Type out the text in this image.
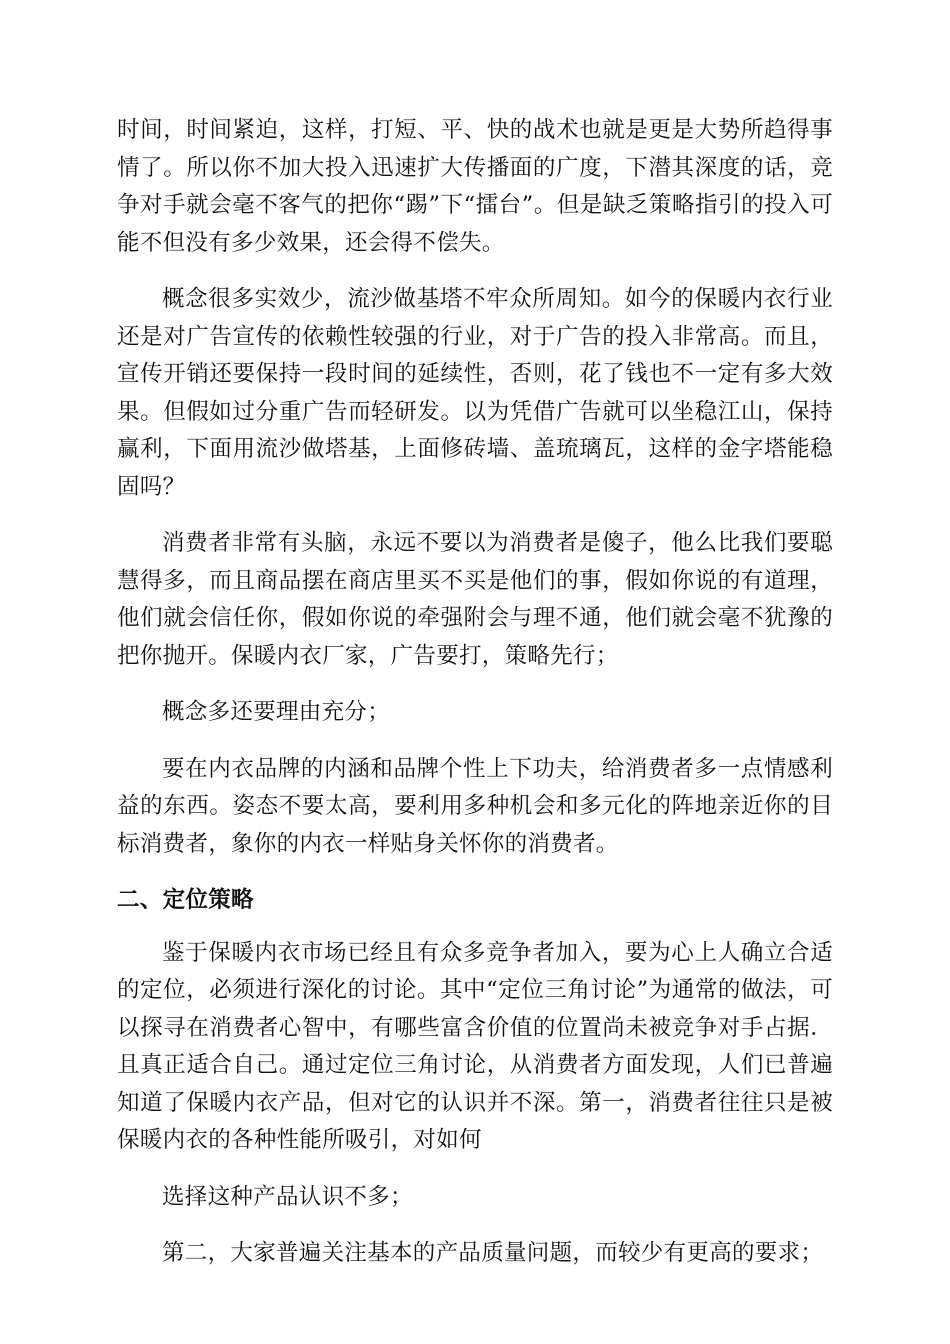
时间，时间紧迫，这样，打短、平、快的战术也就是更是大势所趋得事情了。所以你不加大投入迅速扩大传播面的广度，下潜其深度的话，竞争对手就会毫不客气的把你“踢”下“擂台”。但是缺乏策略指引的投入可能不但没有多少效果，还会得不偿失。

概念很多实效少，流沙做基塔不牢众所周知。如今的保暖内衣行业还是对广告宣传的依赖性较强的行业，对于广告的投入非常高。而且，宣传开销还要保持一段时间的延续性，否则，花了钱也不一定有多大效果。但假如过分重广告而轻研发。以为凭借广告就可以坐稳江山，保持赢利，下面用流沙做塔基，上面修砖墙、盖琉璃瓦，这样的金字塔能稳固吗？

消费者非常有头脑，永远不要以为消费者是傻子，他么比我们要聪慧得多，而且商品摆在商店里买不买是他们的事，假如你说的有道理，他们就会信任你，假如你说的牵强附会与理不通，他们就会毫不犹豫的把你抛开。保暖内衣厂家，广告要打，策略先行；

概念多还要理由充分；

要在内衣品牌的内涵和品牌个性上下功夫，给消费者多一点情感利益的东西。姿态不要太高，要利用多种机会和多元化的阵地亲近你的目标消费者，象你的内衣一样贴身关怀你的消费者。

二、定位策略

鉴于保暖内衣市场已经且有众多竞争者加入，要为心上人确立合适的定位，必须进行深化的讨论。其中“定位三角讨论”为通常的做法，可以探寻在消费者心智中，有哪些富含价值的位置尚未被竞争对手占据．且真正适合自己。通过定位三角讨论，从消费者方面发现，人们已普遍知道了保暖内衣产品，但对它的认识并不深。第一，消费者往往只是被保暖内衣的各种性能所吸引，对如何

选择这种产品认识不多；

第二，大家普遍关注基本的产品质量问题，而较少有更高的要求；
